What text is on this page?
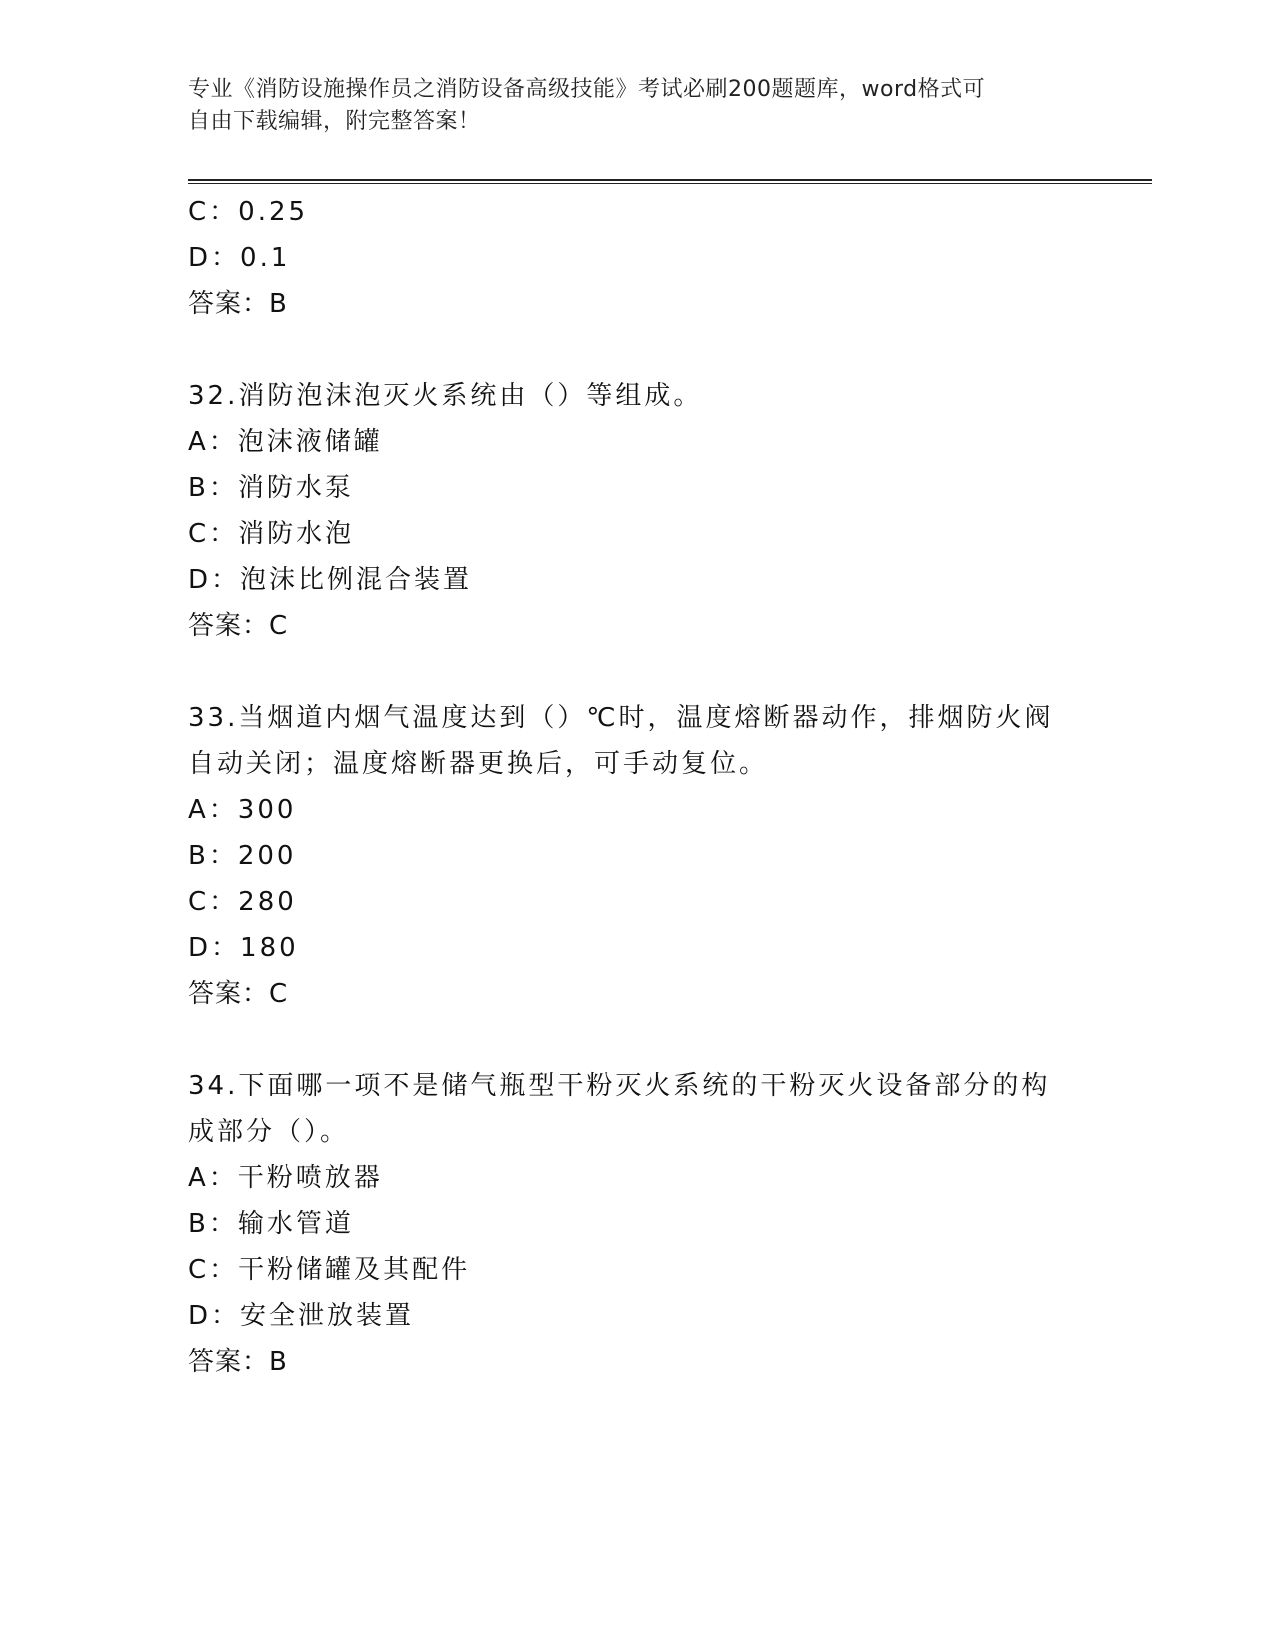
专业《消防设施操作员之消防设备高级技能》考试必刷200题题库，word格式可
自由下载编辑，附完整答案！
C：0.25
D：0.1
答案：B
32.消防泡沫泡灭火系统由（）等组成。
A：泡沫液储罐
B：消防水泵
C：消防水泡
D：泡沫比例混合装置
答案：C
33.当烟道内烟气温度达到（）℃时，温度熔断器动作，排烟防火阀自动关闭；温度熔断器更换后，可手动复位。
A：300
B：200
C：280
D：180
答案：C
34.下面哪一项不是储气瓶型干粉灭火系统的干粉灭火设备部分的构成部分（）。
A：干粉喷放器
B：输水管道
C：干粉储罐及其配件
D：安全泄放装置
答案：B
